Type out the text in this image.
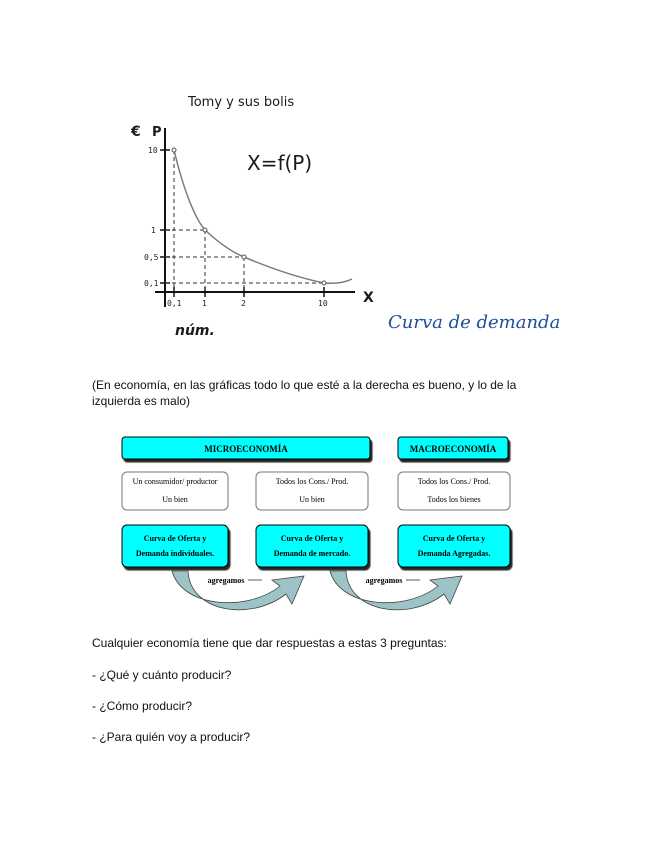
Tomy y sus bolis
€ P
X=f(P)
X
núm.	Curva de demanda
10
1
0,5
0,1
0,1	1	2	10

(En economía, en las gráficas todo lo que esté a la derecha es bueno, y lo de la izquierda es malo)

MICROECONOMÍA	MACROECONOMÍA
Un consumidor/ productor
Un bien
Todos los Cons./ Prod.
Un bien
Todos los Cons./ Prod.
Todos los bienes
Curva de Oferta y
Demanda individuales.
Curva de Oferta y
Demanda de mercado.
Curva de Oferta y
Demanda Agregadas.
agregamos	agregamos

Cualquier economía tiene que dar respuestas a estas 3 preguntas:

- ¿Qué y cuánto producir?

- ¿Cómo producir?

- ¿Para quién voy a producir?
